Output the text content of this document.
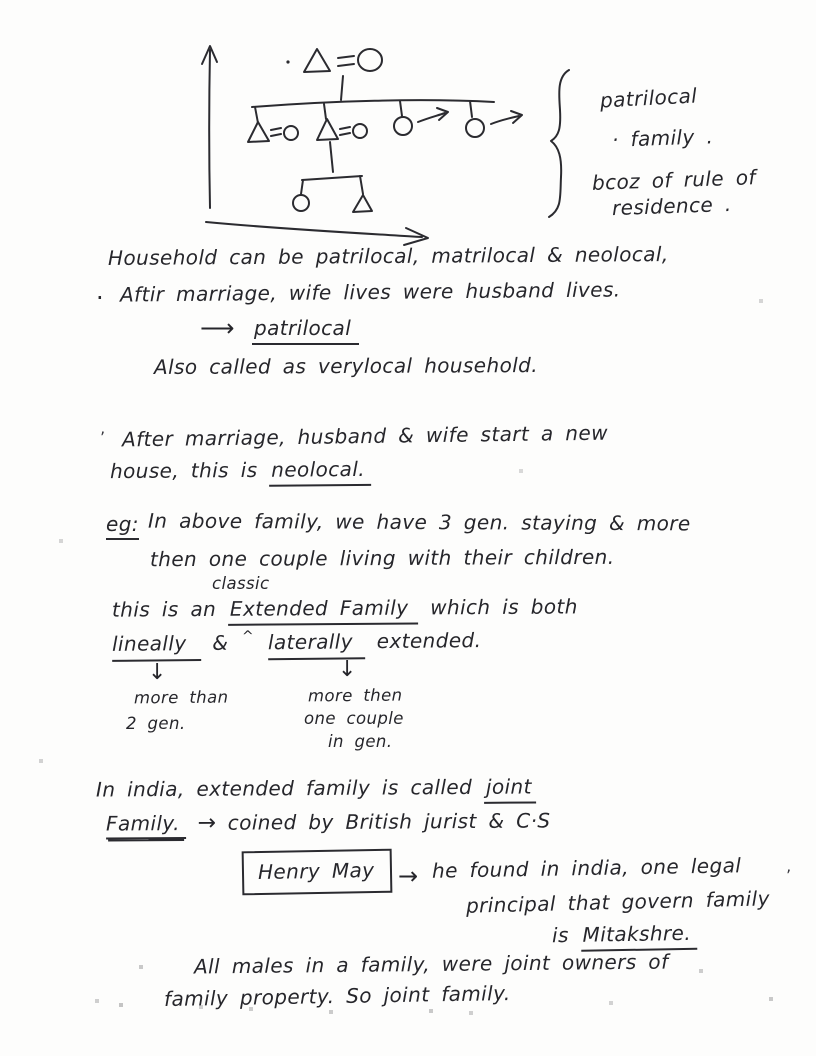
patrilocal
· family .
bcoz of rule of
residence .
Household can be patrilocal, matrilocal & neolocal,
· Aftir marriage, wife lives were husband lives.
⟶ patrilocal
Also called as verylocal household.
’ After marriage, husband & wife start a new
house, this is neolocal.
eg: In above family, we have 3 gen. staying & more
then one couple living with their children.
classic
this is an Extended Family which is both
lineally & ^ laterally extended.
↓	↓
more than
2 gen.
more then
one couple
in gen.
In india, extended family is called joint
Family. → coined by British jurist & C·S
Henry May → he found in india, one legal	’
principal that govern family
is Mitakshre.
All males in a family, were joint owners of
family property. So joint family.
